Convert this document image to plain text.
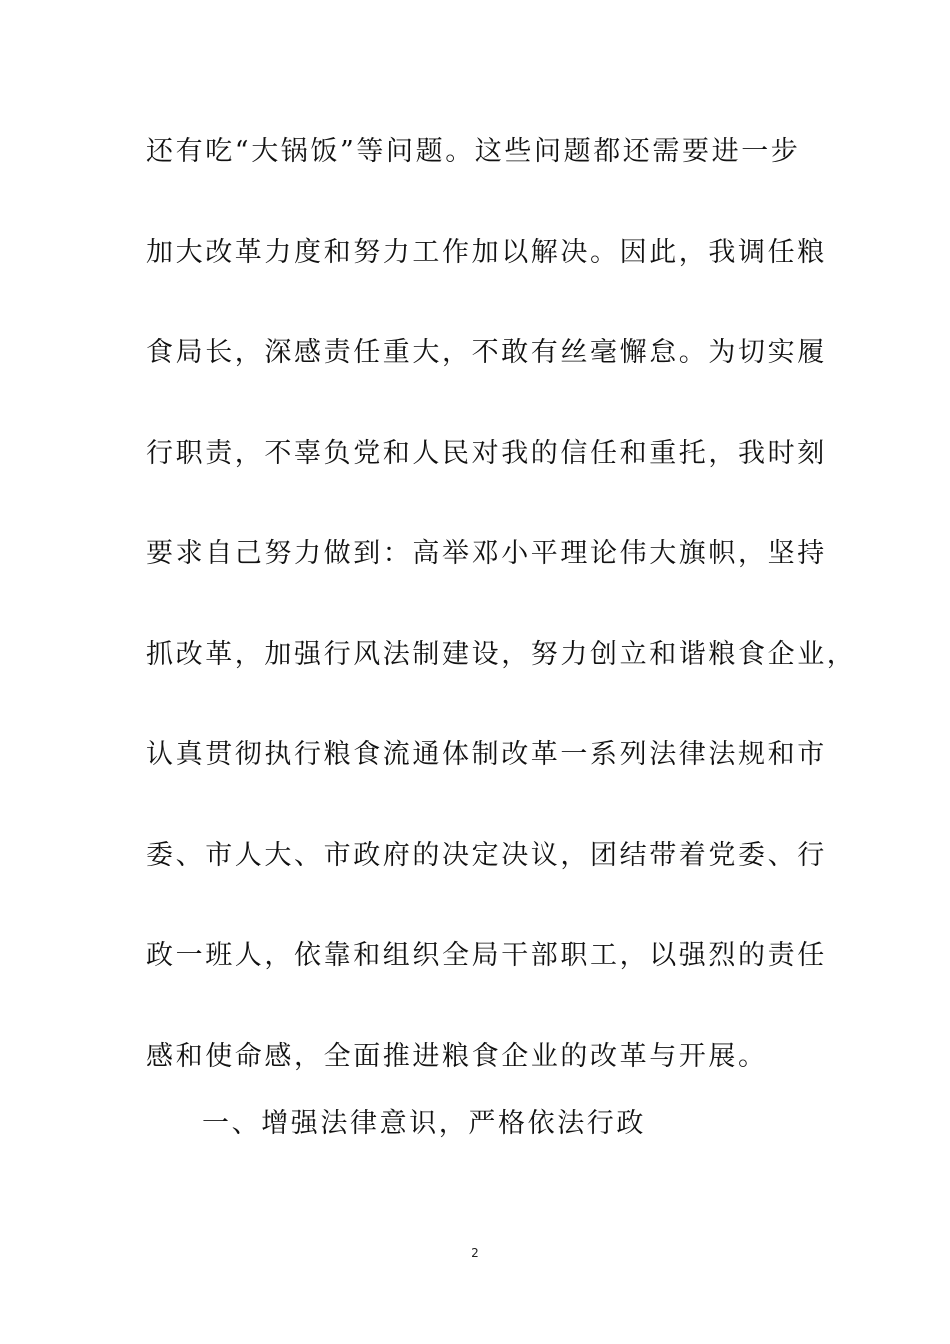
还有吃“大锅饭”等问题。这些问题都还需要进一步
加大改革力度和努力工作加以解决。因此，我调任粮
食局长，深感责任重大，不敢有丝毫懈怠。为切实履
行职责，不辜负党和人民对我的信任和重托，我时刻
要求自己努力做到：高举邓小平理论伟大旗帜，坚持
抓改革，加强行风法制建设，努力创立和谐粮食企业，
认真贯彻执行粮食流通体制改革一系列法律法规和市
委、市人大、市政府的决定决议，团结带着党委、行
政一班人，依靠和组织全局干部职工，以强烈的责任
感和使命感，全面推进粮食企业的改革与开展。
一、增强法律意识，严格依法行政
2
